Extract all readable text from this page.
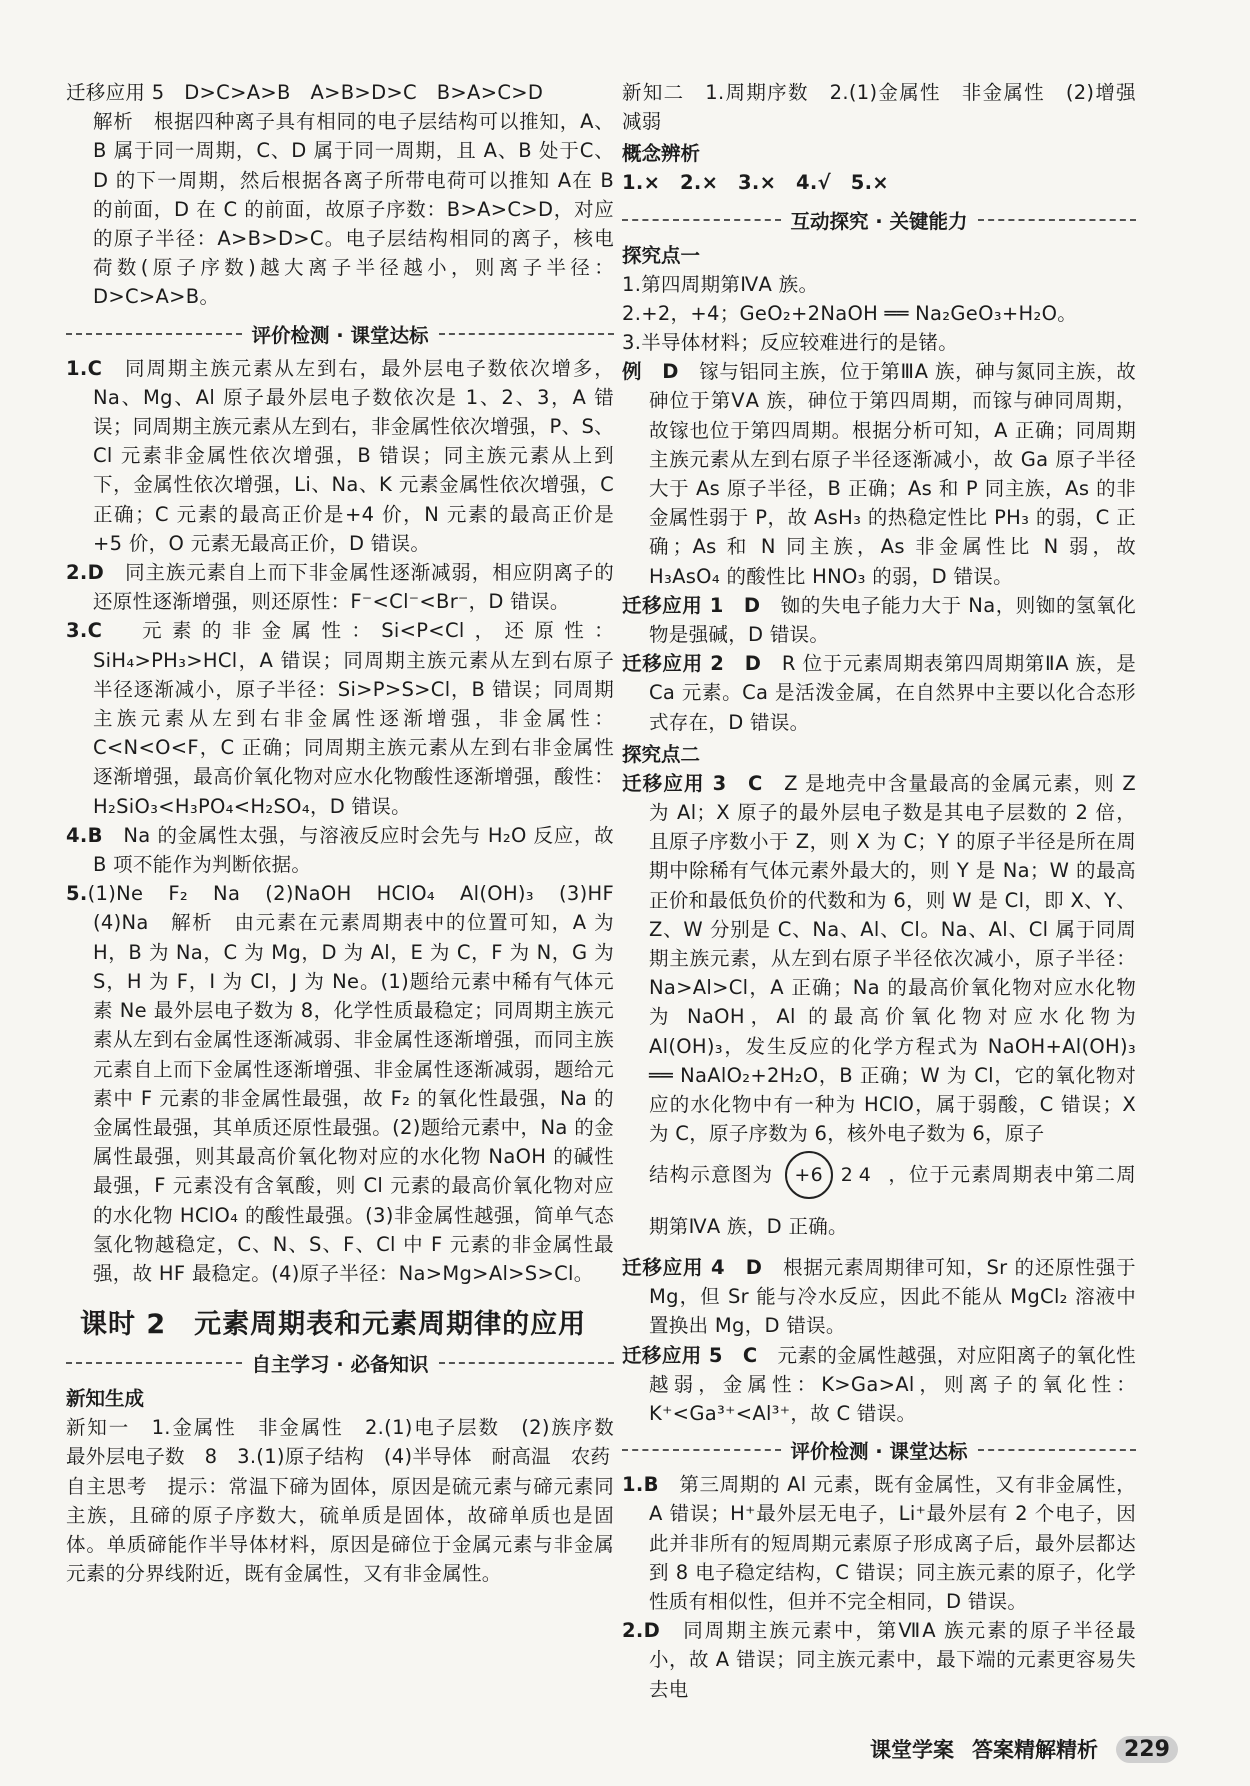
迁移应用 5　D>C>A>B　A>B>D>C　B>A>C>D

解析　根据四种离子具有相同的电子层结构可以推知，A、B 属于同一周期，C、D 属于同一周期，且 A、B 处于C、D 的下一周期，然后根据各离子所带电荷可以推知 A在 B 的前面，D 在 C 的前面，故原子序数：B>A>C>D，对应的原子半径：A>B>D>C。电子层结构相同的离子，核电荷数(原子序数)越大离子半径越小，则离子半径：D>C>A>B。

评价检测 · 课堂达标

1.C　 同周期主族元素从左到右，最外层电子数依次增多，Na、Mg、Al 原子最外层电子数依次是 1、2、3，A 错误；同周期主族元素从左到右，非金属性依次增强，P、S、Cl 元素非金属性依次增强，B 错误；同主族元素从上到下，金属性依次增强，Li、Na、K 元素金属性依次增强，C 正确；C 元素的最高正价是+4 价，N 元素的最高正价是+5 价，O 元素无最高正价，D 错误。

2.D　 同主族元素自上而下非金属性逐渐减弱，相应阴离子的还原性逐渐增强，则还原性：F⁻<Cl⁻<Br⁻，D 错误。

3.C　 元素的非金属性：Si<P<Cl，还原性：SiH₄>PH₃>HCl，A 错误；同周期主族元素从左到右原子半径逐渐减小，原子半径：Si>P>S>Cl，B 错误；同周期主族元素从左到右非金属性逐渐增强，非金属性：C<N<O<F，C 正确；同周期主族元素从左到右非金属性逐渐增强，最高价氧化物对应水化物酸性逐渐增强，酸性：H₂SiO₃<H₃PO₄<H₂SO₄，D 错误。

4.B　 Na 的金属性太强，与溶液反应时会先与 H₂O 反应，故 B 项不能作为判断依据。

5.(1)Ne　F₂　Na　(2)NaOH　HClO₄　Al(OH)₃　(3)HF　(4)Na　解析　由元素在元素周期表中的位置可知，A 为 H，B 为 Na，C 为 Mg，D 为 Al，E 为 C，F 为 N，G 为 S，H 为 F，I 为 Cl，J 为 Ne。(1)题给元素中稀有气体元素 Ne 最外层电子数为 8，化学性质最稳定；同周期主族元素从左到右金属性逐渐减弱、非金属性逐渐增强，而同主族元素自上而下金属性逐渐增强、非金属性逐渐减弱，题给元素中 F 元素的非金属性最强，故 F₂ 的氧化性最强，Na 的金属性最强，其单质还原性最强。(2)题给元素中，Na 的金属性最强，则其最高价氧化物对应的水化物 NaOH 的碱性最强，F 元素没有含氧酸，则 Cl 元素的最高价氧化物对应的水化物 HClO₄ 的酸性最强。(3)非金属性越强，简单气态氢化物越稳定，C、N、S、F、Cl 中 F 元素的非金属性最强，故 HF 最稳定。(4)原子半径：Na>Mg>Al>S>Cl。

课时 2　元素周期表和元素周期律的应用
自主学习 · 必备知识
新知生成

新知一　1.金属性　非金属性　2.(1)电子层数　(2)族序数　最外层电子数　8　3.(1)原子结构　(4)半导体　耐高温　农药

自主思考　提示：常温下碲为固体，原因是硫元素与碲元素同主族，且碲的原子序数大，硫单质是固体，故碲单质也是固体。单质碲能作半导体材料，原因是碲位于金属元素与非金属元素的分界线附近，既有金属性，又有非金属性。

新知二　1.周期序数　2.(1)金属性　非金属性　(2)增强　减弱

概念辨析

1.×　2.×　3.×　4.√　5.×

互动探究 · 关键能力
探究点一

1.第四周期第ⅣA 族。

2.+2，+4；GeO₂+2NaOH ══ Na₂GeO₃+H₂O。

3.半导体材料；反应较难进行的是锗。

例　D　 镓与铝同主族，位于第ⅢA 族，砷与氮同主族，故砷位于第ⅤA 族，砷位于第四周期，而镓与砷同周期，故镓也位于第四周期。根据分析可知，A 正确；同周期主族元素从左到右原子半径逐渐减小，故 Ga 原子半径大于 As 原子半径，B 正确；As 和 P 同主族，As 的非金属性弱于 P，故 AsH₃ 的热稳定性比 PH₃ 的弱，C 正确；As 和 N 同主族，As 非金属性比 N 弱，故 H₃AsO₄ 的酸性比 HNO₃ 的弱，D 错误。

迁移应用 1　D　 铷的失电子能力大于 Na，则铷的氢氧化物是强碱，D 错误。

迁移应用 2　D　 R 位于元素周期表第四周期第ⅡA 族，是 Ca 元素。Ca 是活泼金属，在自然界中主要以化合态形式存在，D 错误。

探究点二

迁移应用 3　C　 Z 是地壳中含量最高的金属元素，则 Z 为 Al；X 原子的最外层电子数是其电子层数的 2 倍，且原子序数小于 Z，则 X 为 C；Y 的原子半径是所在周期中除稀有气体元素外最大的，则 Y 是 Na；W 的最高正价和最低负价的代数和为 6，则 W 是 Cl，即 X、Y、Z、W 分别是 C、Na、Al、Cl。Na、Al、Cl 属于同周期主族元素，从左到右原子半径依次减小，原子半径：Na>Al>Cl，A 正确；Na 的最高价氧化物对应水化物为 NaOH，Al 的最高价氧化物对应水化物为 Al(OH)₃，发生反应的化学方程式为 NaOH+Al(OH)₃ ══ NaAlO₂+2H₂O，B 正确；W 为 Cl，它的氧化物对应的水化物中有一种为 HClO，属于弱酸，C 错误；X 为 C，原子序数为 6，核外电子数为 6，原子

结构示意图为	+6 24 ，位于元素周期表中第二周期第ⅣA 族，D 正确。

迁移应用 4　D　 根据元素周期律可知，Sr 的还原性强于 Mg，但 Sr 能与冷水反应，因此不能从 MgCl₂ 溶液中置换出 Mg，D 错误。

迁移应用 5　C　 元素的金属性越强，对应阳离子的氧化性越弱，金属性：K>Ga>Al，则离子的氧化性：K⁺<Ga³⁺<Al³⁺，故 C 错误。

评价检测 · 课堂达标

1.B　 第三周期的 Al 元素，既有金属性，又有非金属性，A 错误；H⁺最外层无电子，Li⁺最外层有 2 个电子，因此并非所有的短周期元素原子形成离子后，最外层都达到 8 电子稳定结构，C 错误；同主族元素的原子，化学性质有相似性，但并不完全相同，D 错误。

2.D　 同周期主族元素中，第ⅦA 族元素的原子半径最小，故 A 错误；同主族元素中，最下端的元素更容易失去电

课堂学案 答案精解精析	229
